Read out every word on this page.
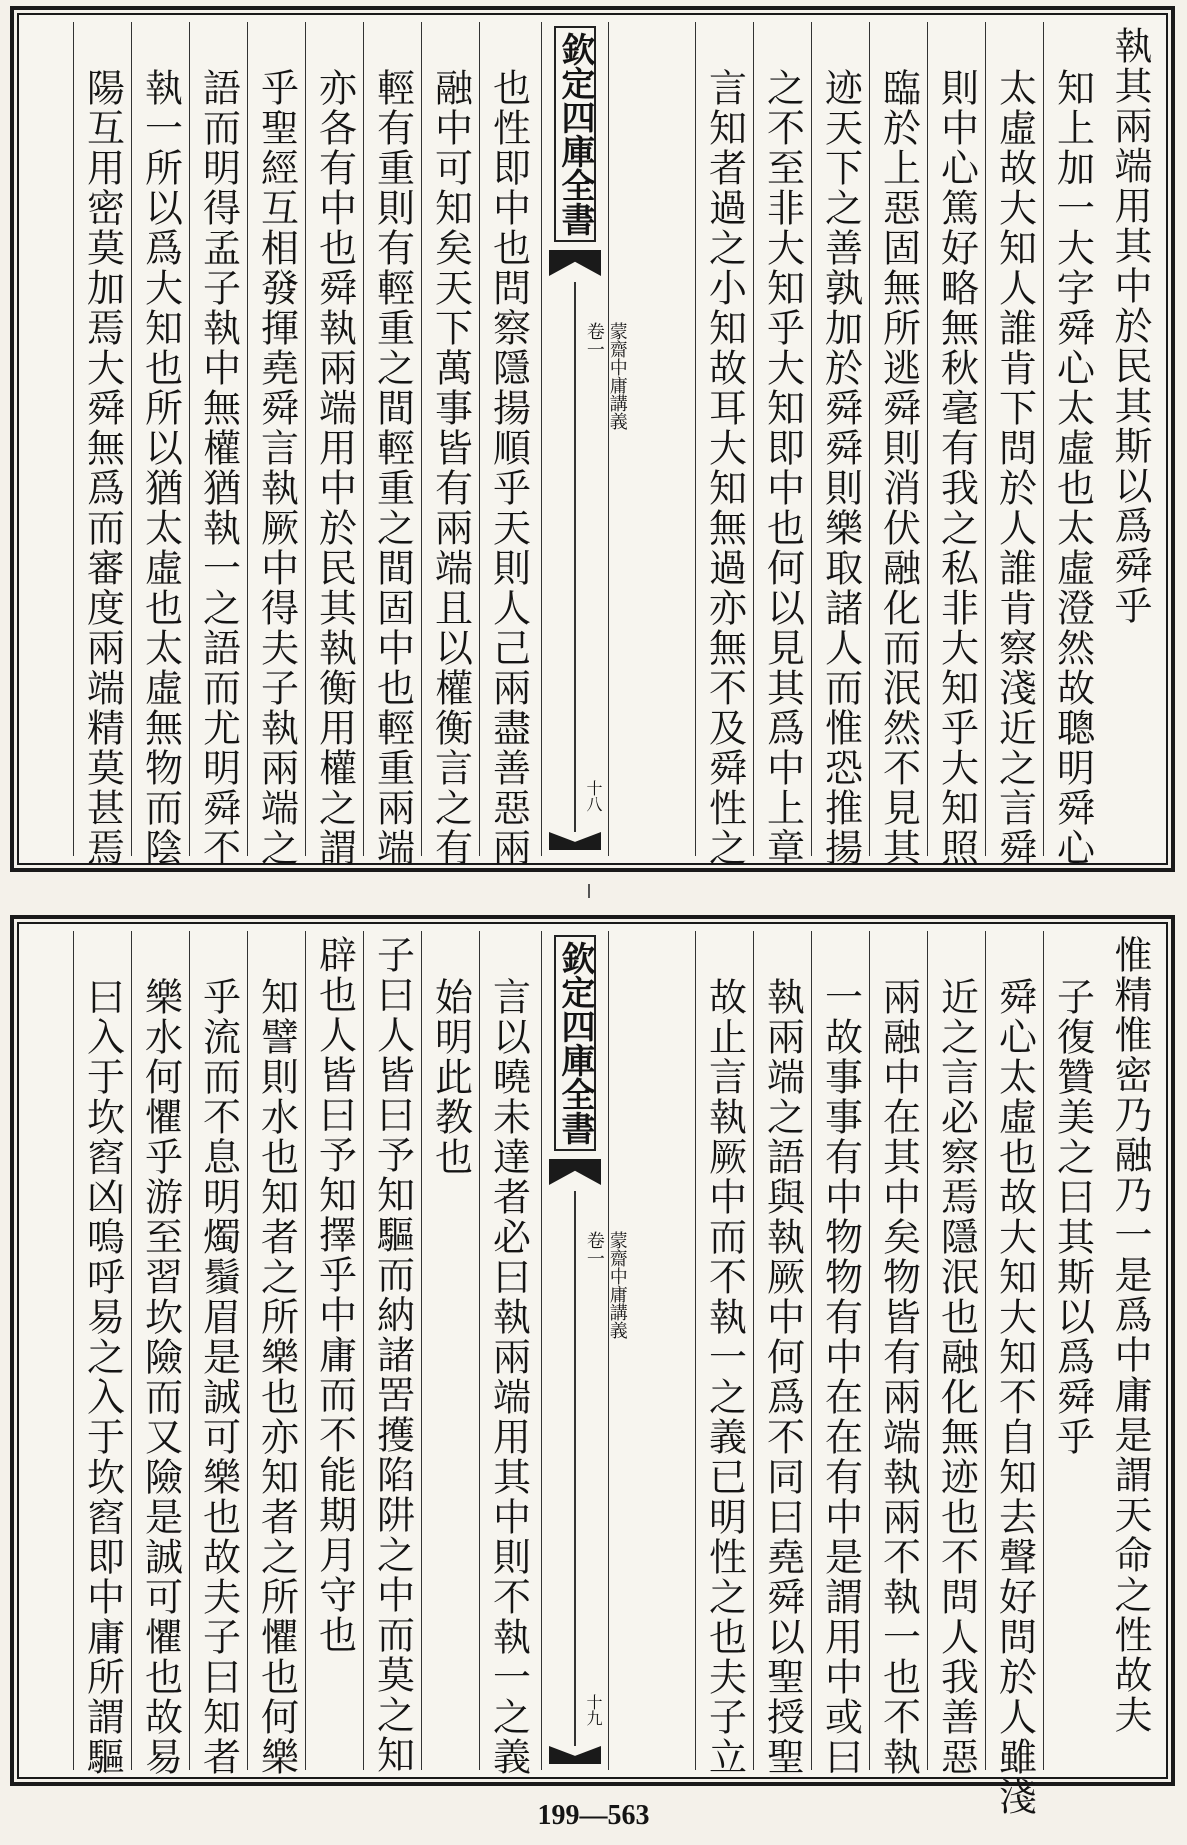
執其兩端用其中於民其斯以爲舜乎
知上加一大字舜心太虛也太虛澄然故聰明舜心
太虛故大知人誰肯下問於人誰肯察淺近之言舜
則中心篤好略無秋毫有我之私非大知乎大知照
臨於上惡固無所逃舜則消伏融化而泯然不見其
迹天下之善孰加於舜舜則樂取諸人而惟恐推揚
之不至非大知乎大知即中也何以見其爲中上章
言知者過之小知故耳大知無過亦無不及舜性之
欽定四庫全書
卷一 蒙齋中庸講義
十八
也性即中也問察隱揚順乎天則人己兩盡善惡兩
融中可知矣天下萬事皆有兩端且以權衡言之有
輕有重則有輕重之間輕重之間固中也輕重兩端
亦各有中也舜執兩端用中於民其執衡用權之謂
乎聖經互相發揮堯舜言執厥中得夫子執兩端之
語而明得孟子執中無權猶執一之語而尤明舜不
執一所以爲大知也所以猶太虛也太虛無物而陰
陽互用密莫加焉大舜無爲而審度兩端精莫甚焉
惟精惟密乃融乃一是爲中庸是謂天命之性故夫
子復贊美之曰其斯以爲舜乎
舜心太虛也故大知大知不自知去聲好問於人雖淺
近之言必察焉隱泯也融化無迹也不問人我善惡
兩融中在其中矣物皆有兩端執兩不執一也不執
一故事事有中物物有中在在有中是謂用中或曰
執兩端之語與執厥中何爲不同曰堯舜以聖授聖
故止言執厥中而不執一之義已明性之也夫子立
欽定四庫全書
卷一 蒙齋中庸講義
十九
言以曉未達者必曰執兩端用其中則不執一之義
始明此教也
子曰人皆曰予知驅而納諸罟擭陷阱之中而莫之知
辟也人皆曰予知擇乎中庸而不能期月守也
知譬則水也知者之所樂也亦知者之所懼也何樂
乎流而不息明燭鬚眉是誠可樂也故夫子曰知者
樂水何懼乎游至習坎險而又險是誠可懼也故易
曰入于坎窞凶嗚呼易之入于坎窞即中庸所謂驅
199—563
